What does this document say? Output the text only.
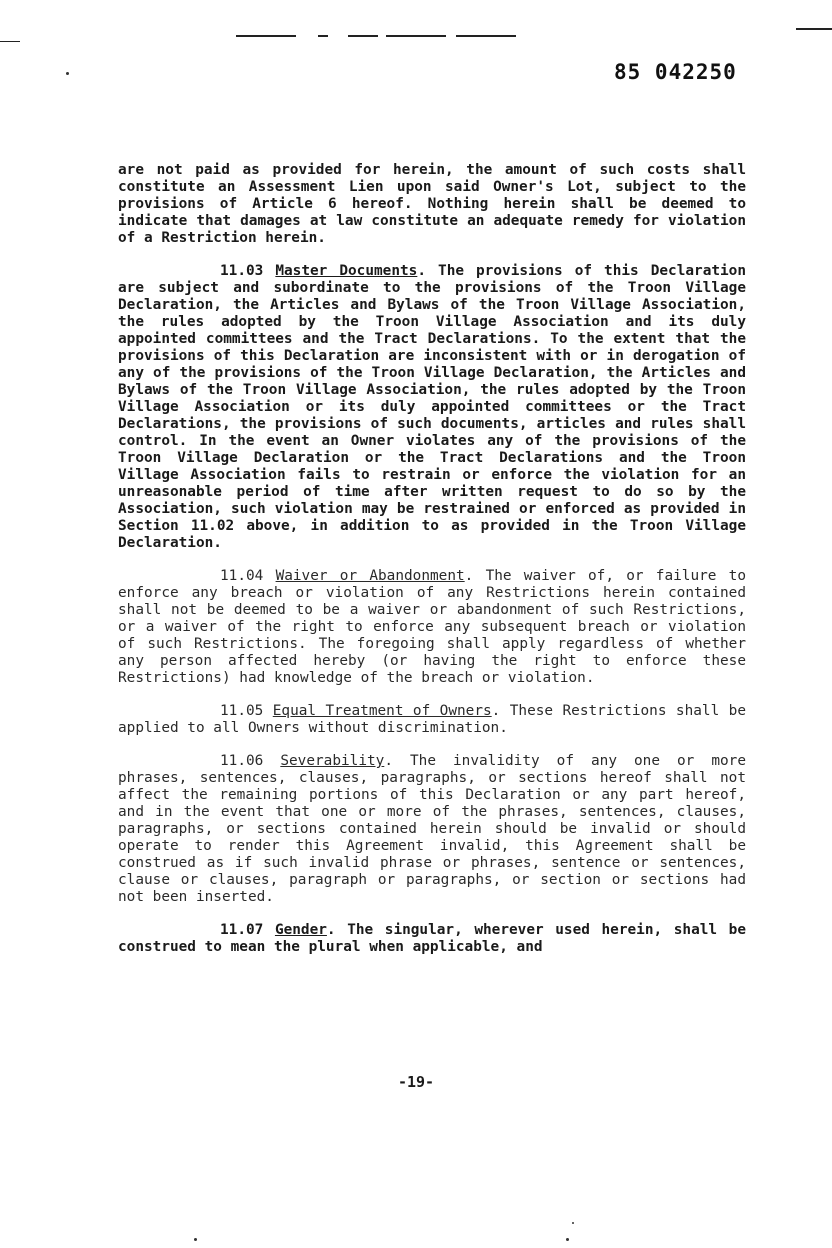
85 042250

are not paid as provided for herein, the amount of such costs shall constitute an Assessment Lien upon said Owner's Lot, subject to the provisions of Article 6 hereof. Nothing herein shall be deemed to indicate that damages at law constitute an adequate remedy for violation of a Restriction herein.

11.03 Master Documents. The provisions of this Declaration are subject and subordinate to the provisions of the Troon Village Declaration, the Articles and Bylaws of the Troon Village Association, the rules adopted by the Troon Village Association and its duly appointed committees and the Tract Declarations. To the extent that the provisions of this Declaration are inconsistent with or in derogation of any of the provisions of the Troon Village Declaration, the Articles and Bylaws of the Troon Village Association, the rules adopted by the Troon Village Association or its duly appointed committees or the Tract Declarations, the provisions of such documents, articles and rules shall control. In the event an Owner violates any of the provisions of the Troon Village Declaration or the Tract Declarations and the Troon Village Association fails to restrain or enforce the violation for an unreasonable period of time after written request to do so by the Association, such violation may be restrained or enforced as provided in Section 11.02 above, in addition to as provided in the Troon Village Declaration.

11.04 Waiver or Abandonment. The waiver of, or failure to enforce any breach or violation of any Restrictions herein contained shall not be deemed to be a waiver or abandonment of such Restrictions, or a waiver of the right to enforce any subsequent breach or violation of such Restrictions. The foregoing shall apply regardless of whether any person affected hereby (or having the right to enforce these Restrictions) had knowledge of the breach or violation.

11.05 Equal Treatment of Owners. These Restrictions shall be applied to all Owners without discrimination.

11.06 Severability. The invalidity of any one or more phrases, sentences, clauses, paragraphs, or sections hereof shall not affect the remaining portions of this Declaration or any part hereof, and in the event that one or more of the phrases, sentences, clauses, paragraphs, or sections contained herein should be invalid or should operate to render this Agreement invalid, this Agreement shall be construed as if such invalid phrase or phrases, sentence or sentences, clause or clauses, paragraph or paragraphs, or section or sections had not been inserted.

11.07 Gender. The singular, wherever used herein, shall be construed to mean the plural when applicable, and

-19-
